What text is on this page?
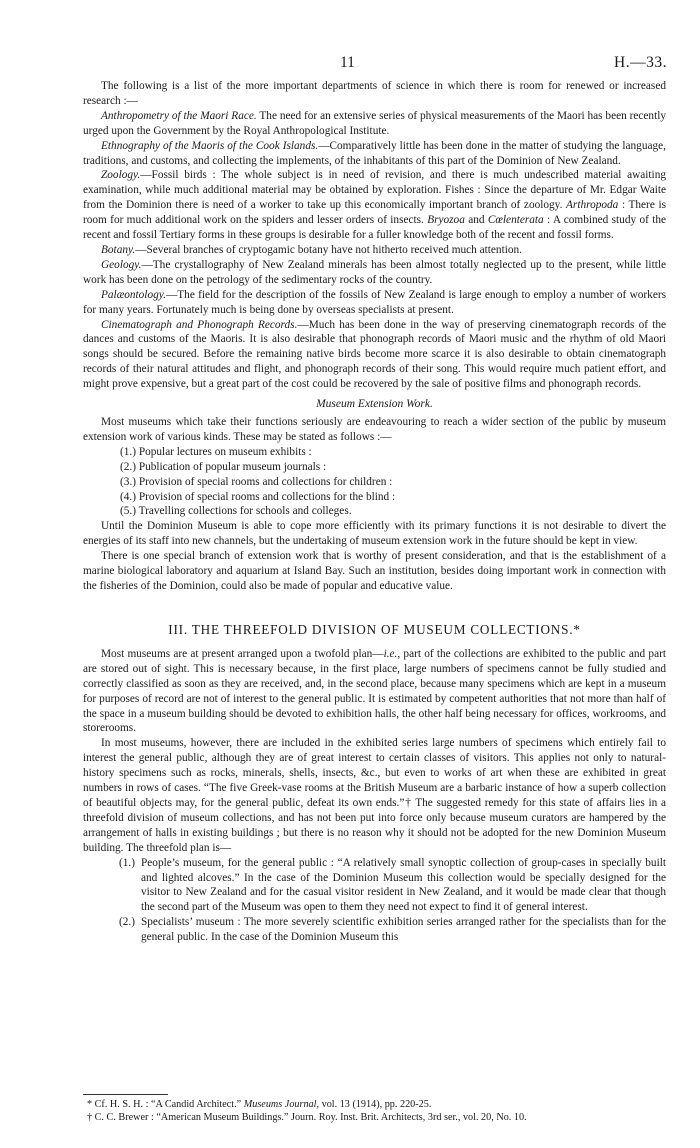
11	H.—33.

The following is a list of the more important departments of science in which there is room for renewed or increased research :—

Anthropometry of the Maori Race. The need for an extensive series of physical measurements of the Maori has been recently urged upon the Government by the Royal Anthropological Institute.

Ethnography of the Maoris of the Cook Islands.—Comparatively little has been done in the matter of studying the language, traditions, and customs, and collecting the implements, of the inhabitants of this part of the Dominion of New Zealand.

Zoology.—Fossil birds : The whole subject is in need of revision, and there is much undescribed material awaiting examination, while much additional material may be obtained by exploration. Fishes : Since the departure of Mr. Edgar Waite from the Dominion there is need of a worker to take up this economically important branch of zoology. Arthropoda : There is room for much additional work on the spiders and lesser orders of insects. Bryozoa and Cœlenterata : A combined study of the recent and fossil Tertiary forms in these groups is desirable for a fuller knowledge both of the recent and fossil forms.

Botany.—Several branches of cryptogamic botany have not hitherto received much attention.

Geology.—The crystallography of New Zealand minerals has been almost totally neglected up to the present, while little work has been done on the petrology of the sedimentary rocks of the country.

Palæontology.—The field for the description of the fossils of New Zealand is large enough to employ a number of workers for many years. Fortunately much is being done by overseas specialists at present.

Cinematograph and Phonograph Records.—Much has been done in the way of preserving cinematograph records of the dances and customs of the Maoris. It is also desirable that phonograph records of Maori music and the rhythm of old Maori songs should be secured. Before the remaining native birds become more scarce it is also desirable to obtain cinematograph records of their natural attitudes and flight, and phonograph records of their song. This would require much patient effort, and might prove expensive, but a great part of the cost could be recovered by the sale of positive films and phonograph records.

Museum Extension Work.

Most museums which take their functions seriously are endeavouring to reach a wider section of the public by museum extension work of various kinds. These may be stated as follows :—

(1.) Popular lectures on museum exhibits :
(2.) Publication of popular museum journals :
(3.) Provision of special rooms and collections for children :
(4.) Provision of special rooms and collections for the blind :
(5.) Travelling collections for schools and colleges.

Until the Dominion Museum is able to cope more efficiently with its primary functions it is not desirable to divert the energies of its staff into new channels, but the undertaking of museum extension work in the future should be kept in view.

There is one special branch of extension work that is worthy of present consideration, and that is the establishment of a marine biological laboratory and aquarium at Island Bay. Such an institution, besides doing important work in connection with the fisheries of the Dominion, could also be made of popular and educative value.

III. THE THREEFOLD DIVISION OF MUSEUM COLLECTIONS.*

Most museums are at present arranged upon a twofold plan—i.e., part of the collections are exhibited to the public and part are stored out of sight. This is necessary because, in the first place, large numbers of specimens cannot be fully studied and correctly classified as soon as they are received, and, in the second place, because many specimens which are kept in a museum for purposes of record are not of interest to the general public. It is estimated by competent authorities that not more than half of the space in a museum building should be devoted to exhibition halls, the other half being necessary for offices, workrooms, and storerooms.

In most museums, however, there are included in the exhibited series large numbers of specimens which entirely fail to interest the general public, although they are of great interest to certain classes of visitors. This applies not only to natural-history specimens such as rocks, minerals, shells, insects, &c., but even to works of art when these are exhibited in great numbers in rows of cases. “The five Greek-vase rooms at the British Museum are a barbaric instance of how a superb collection of beautiful objects may, for the general public, defeat its own ends.”† The suggested remedy for this state of affairs lies in a threefold division of museum collections, and has not been put into force only because museum curators are hampered by the arrangement of halls in existing buildings ; but there is no reason why it should not be adopted for the new Dominion Museum building. The threefold plan is—

(1.) People’s museum, for the general public : “A relatively small synoptic collection of group-cases in specially built and lighted alcoves.” In the case of the Dominion Museum this collection would be specially designed for the visitor to New Zealand and for the casual visitor resident in New Zealand, and it would be made clear that though the second part of the Museum was open to them they need not expect to find it of general interest.
(2.) Specialists’ museum : The more severely scientific exhibition series arranged rather for the specialists than for the general public. In the case of the Dominion Museum this
* Cf. H. S. H. : “A Candid Architect.” Museums Journal, vol. 13 (1914), pp. 220-25.
† C. C. Brewer : “American Museum Buildings.” Journ. Roy. Inst. Brit. Architects, 3rd ser., vol. 20, No. 10.
